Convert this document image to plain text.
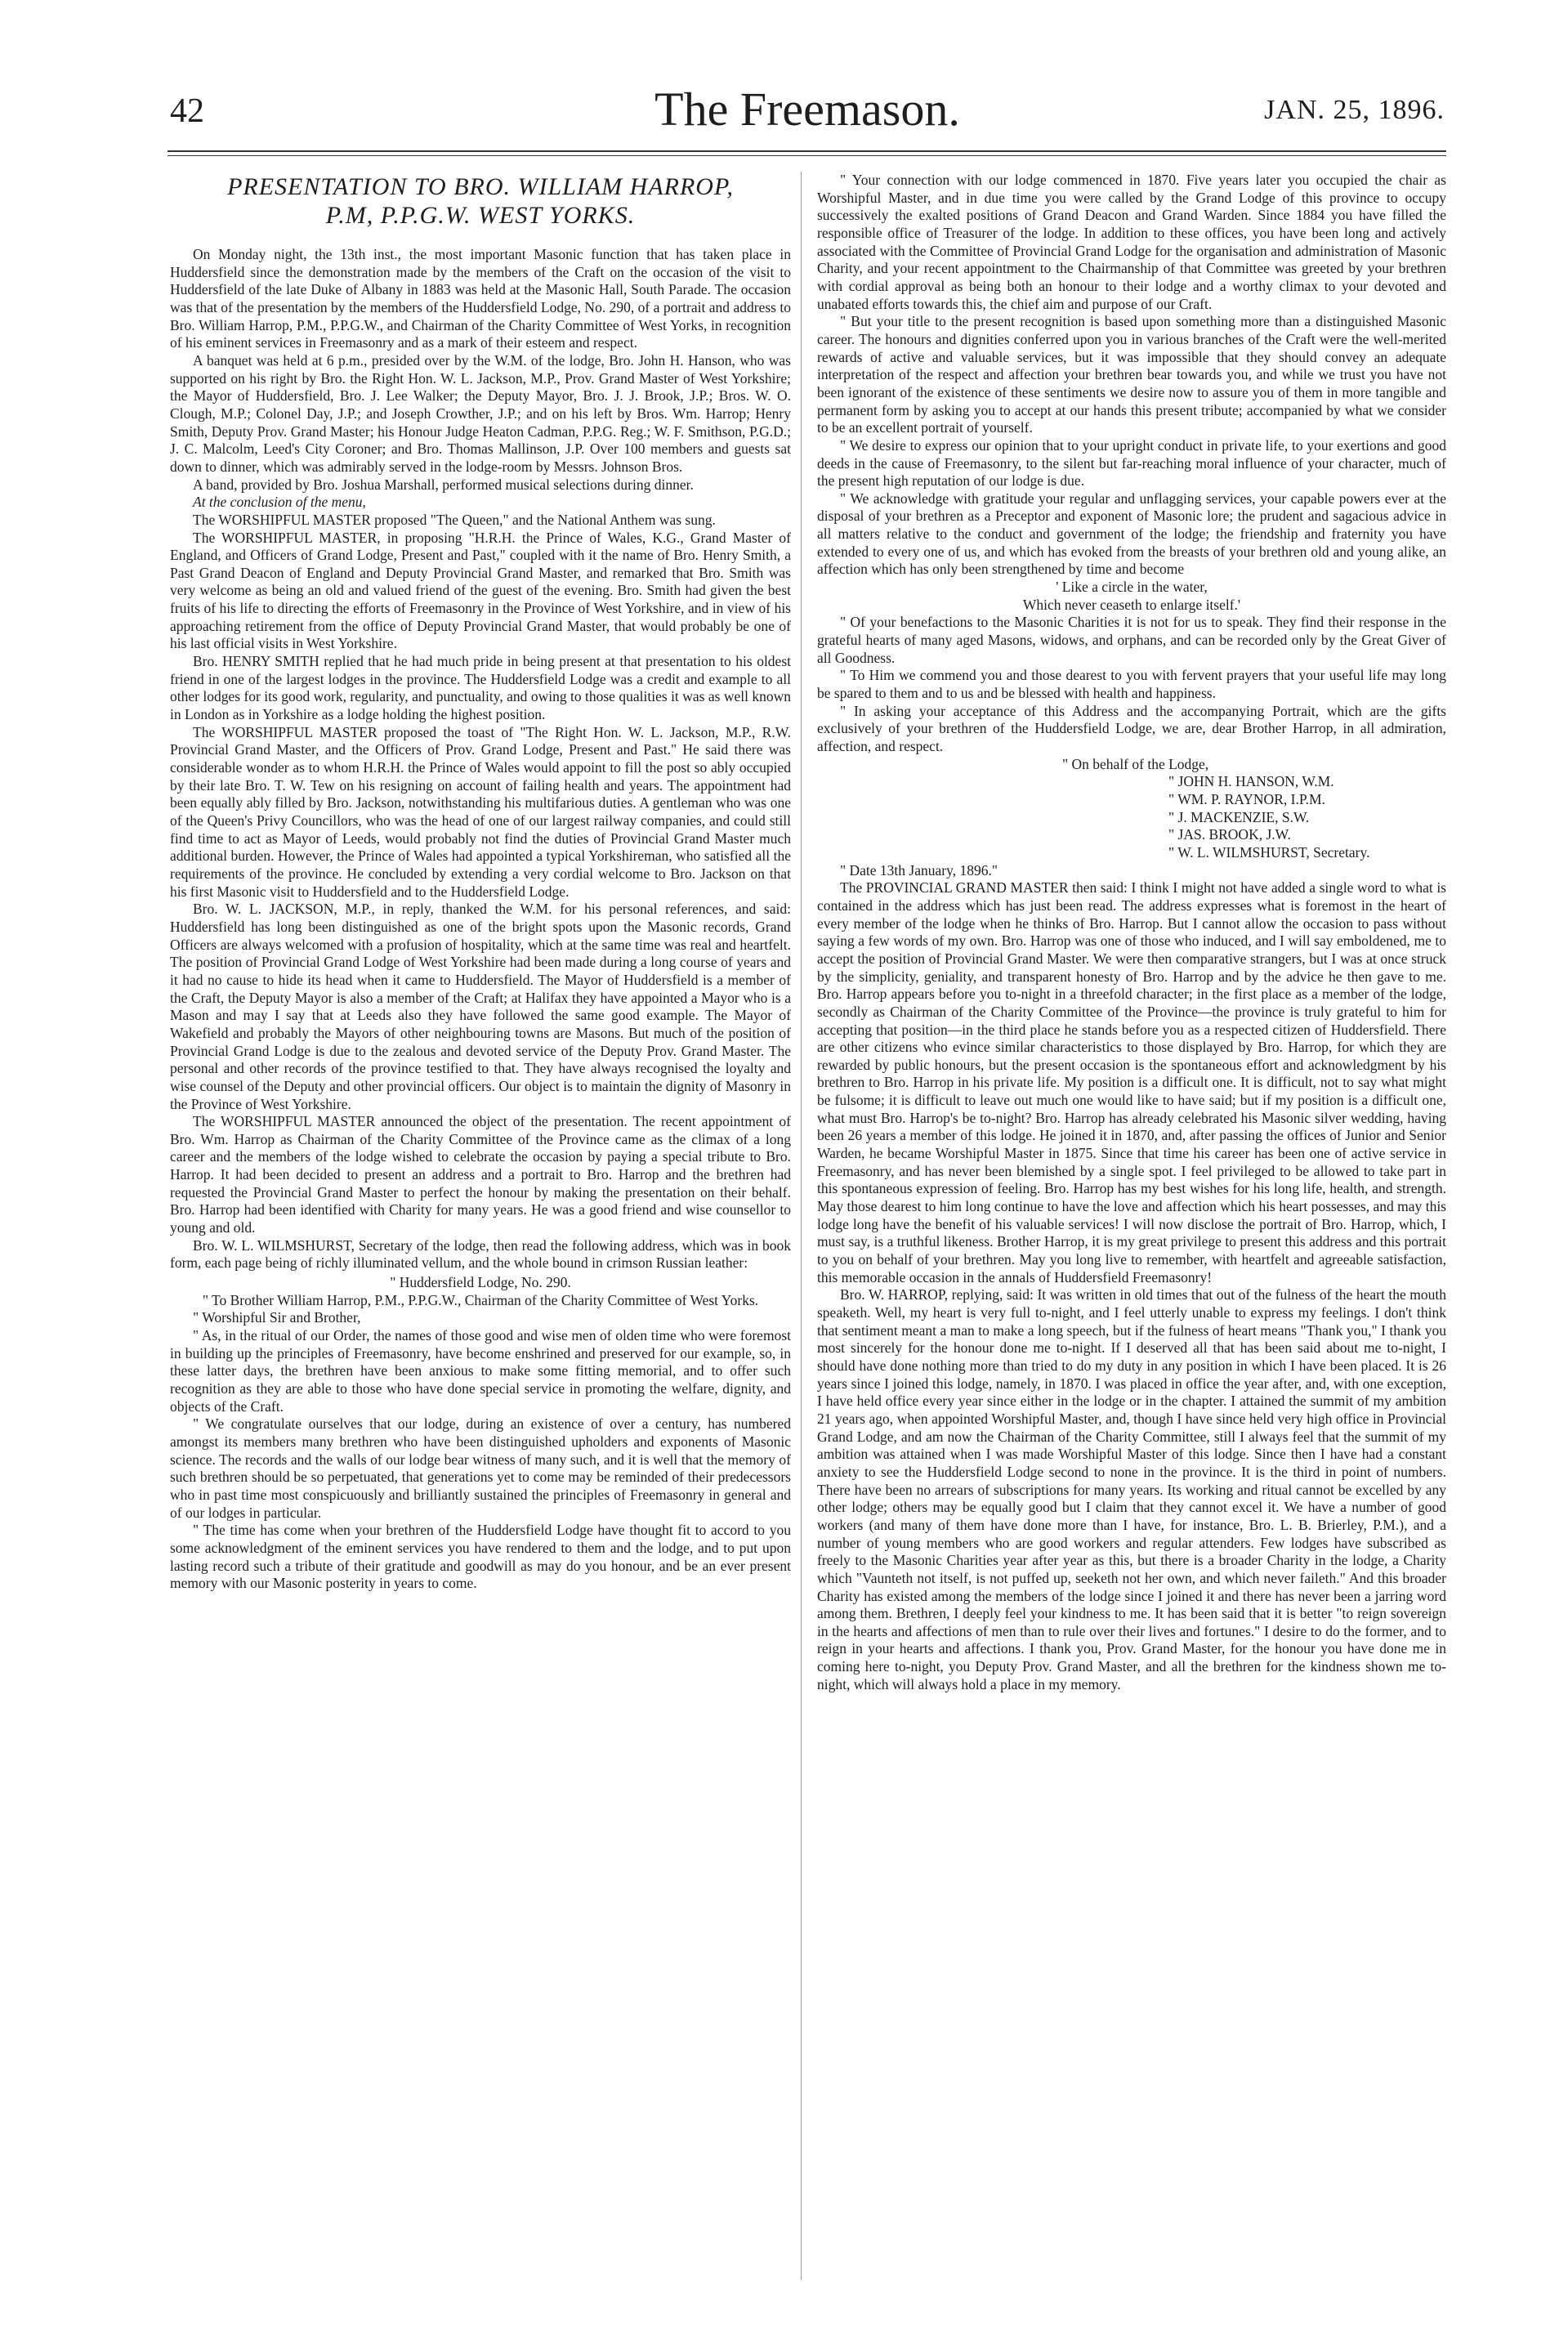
42	The Freemason.	JAN. 25, 1896.
PRESENTATION TO BRO. WILLIAM HARROP,
P.M, P.P.G.W. WEST YORKS.

On Monday night, the 13th inst., the most important Masonic function that has taken place in Huddersfield since the demonstration made by the members of the Craft on the occasion of the visit to Huddersfield of the late Duke of Albany in 1883 was held at the Masonic Hall, South Parade. The occasion was that of the presentation by the members of the Huddersfield Lodge, No. 290, of a portrait and address to Bro. William Harrop, P.M., P.P.G.W., and Chairman of the Charity Committee of West Yorks, in recognition of his eminent services in Freemasonry and as a mark of their esteem and respect.

A banquet was held at 6 p.m., presided over by the W.M. of the lodge, Bro. John H. Hanson, who was supported on his right by Bro. the Right Hon. W. L. Jackson, M.P., Prov. Grand Master of West Yorkshire; the Mayor of Huddersfield, Bro. J. Lee Walker; the Deputy Mayor, Bro. J. J. Brook, J.P.; Bros. W. O. Clough, M.P.; Colonel Day, J.P.; and Joseph Crowther, J.P.; and on his left by Bros. Wm. Harrop; Henry Smith, Deputy Prov. Grand Master; his Honour Judge Heaton Cadman, P.P.G. Reg.; W. F. Smithson, P.G.D.; J. C. Malcolm, Leed's City Coroner; and Bro. Thomas Mallinson, J.P. Over 100 members and guests sat down to dinner, which was admirably served in the lodge-room by Messrs. Johnson Bros.

A band, provided by Bro. Joshua Marshall, performed musical selections during dinner.

At the conclusion of the menu,

The WORSHIPFUL MASTER proposed "The Queen," and the National Anthem was sung.

The WORSHIPFUL MASTER, in proposing "H.R.H. the Prince of Wales, K.G., Grand Master of England, and Officers of Grand Lodge, Present and Past," coupled with it the name of Bro. Henry Smith, a Past Grand Deacon of England and Deputy Provincial Grand Master, and remarked that Bro. Smith was very welcome as being an old and valued friend of the guest of the evening. Bro. Smith had given the best fruits of his life to directing the efforts of Freemasonry in the Province of West Yorkshire, and in view of his approaching retirement from the office of Deputy Provincial Grand Master, that would probably be one of his last official visits in West Yorkshire.

Bro. HENRY SMITH replied that he had much pride in being present at that presentation to his oldest friend in one of the largest lodges in the province. The Huddersfield Lodge was a credit and example to all other lodges for its good work, regularity, and punctuality, and owing to those qualities it was as well known in London as in Yorkshire as a lodge holding the highest position.

The WORSHIPFUL MASTER proposed the toast of "The Right Hon. W. L. Jackson, M.P., R.W. Provincial Grand Master, and the Officers of Prov. Grand Lodge, Present and Past." He said there was considerable wonder as to whom H.R.H. the Prince of Wales would appoint to fill the post so ably occupied by their late Bro. T. W. Tew on his resigning on account of failing health and years. The appointment had been equally ably filled by Bro. Jackson, notwithstanding his multifarious duties. A gentleman who was one of the Queen's Privy Councillors, who was the head of one of our largest railway companies, and could still find time to act as Mayor of Leeds, would probably not find the duties of Provincial Grand Master much additional burden. However, the Prince of Wales had appointed a typical Yorkshireman, who satisfied all the requirements of the province. He concluded by extending a very cordial welcome to Bro. Jackson on that his first Masonic visit to Huddersfield and to the Huddersfield Lodge.

Bro. W. L. JACKSON, M.P., in reply, thanked the W.M. for his personal references, and said: Huddersfield has long been distinguished as one of the bright spots upon the Masonic records, Grand Officers are always welcomed with a profusion of hospitality, which at the same time was real and heartfelt. The position of Provincial Grand Lodge of West Yorkshire had been made during a long course of years and it had no cause to hide its head when it came to Huddersfield. The Mayor of Huddersfield is a member of the Craft, the Deputy Mayor is also a member of the Craft; at Halifax they have appointed a Mayor who is a Mason and may I say that at Leeds also they have followed the same good example. The Mayor of Wakefield and probably the Mayors of other neighbouring towns are Masons. But much of the position of Provincial Grand Lodge is due to the zealous and devoted service of the Deputy Prov. Grand Master. The personal and other records of the province testified to that. They have always recognised the loyalty and wise counsel of the Deputy and other provincial officers. Our object is to maintain the dignity of Masonry in the Province of West Yorkshire.

The WORSHIPFUL MASTER announced the object of the presentation. The recent appointment of Bro. Wm. Harrop as Chairman of the Charity Committee of the Province came as the climax of a long career and the members of the lodge wished to celebrate the occasion by paying a special tribute to Bro. Harrop. It had been decided to present an address and a portrait to Bro. Harrop and the brethren had requested the Provincial Grand Master to perfect the honour by making the presentation on their behalf. Bro. Harrop had been identified with Charity for many years. He was a good friend and wise counsellor to young and old.

Bro. W. L. WILMSHURST, Secretary of the lodge, then read the following address, which was in book form, each page being of richly illuminated vellum, and the whole bound in crimson Russian leather:

" Huddersfield Lodge, No. 290.

" To Brother William Harrop, P.M., P.P.G.W., Chairman of the Charity Committee of West Yorks.

" Worshipful Sir and Brother,

" As, in the ritual of our Order, the names of those good and wise men of olden time who were foremost in building up the principles of Freemasonry, have become enshrined and preserved for our example, so, in these latter days, the brethren have been anxious to make some fitting memorial, and to offer such recognition as they are able to those who have done special service in promoting the welfare, dignity, and objects of the Craft.

" We congratulate ourselves that our lodge, during an existence of over a century, has numbered amongst its members many brethren who have been distinguished upholders and exponents of Masonic science. The records and the walls of our lodge bear witness of many such, and it is well that the memory of such brethren should be so perpetuated, that generations yet to come may be reminded of their predecessors who in past time most conspicuously and brilliantly sustained the principles of Freemasonry in general and of our lodges in particular.

" The time has come when your brethren of the Huddersfield Lodge have thought fit to accord to you some acknowledgment of the eminent services you have rendered to them and the lodge, and to put upon lasting record such a tribute of their gratitude and goodwill as may do you honour, and be an ever present memory with our Masonic posterity in years to come.

" Your connection with our lodge commenced in 1870. Five years later you occupied the chair as Worshipful Master, and in due time you were called by the Grand Lodge of this province to occupy successively the exalted positions of Grand Deacon and Grand Warden. Since 1884 you have filled the responsible office of Treasurer of the lodge. In addition to these offices, you have been long and actively associated with the Committee of Provincial Grand Lodge for the organisation and administration of Masonic Charity, and your recent appointment to the Chairmanship of that Committee was greeted by your brethren with cordial approval as being both an honour to their lodge and a worthy climax to your devoted and unabated efforts towards this, the chief aim and purpose of our Craft.

" But your title to the present recognition is based upon something more than a distinguished Masonic career. The honours and dignities conferred upon you in various branches of the Craft were the well-merited rewards of active and valuable services, but it was impossible that they should convey an adequate interpretation of the respect and affection your brethren bear towards you, and while we trust you have not been ignorant of the existence of these sentiments we desire now to assure you of them in more tangible and permanent form by asking you to accept at our hands this present tribute; accompanied by what we consider to be an excellent portrait of yourself.

" We desire to express our opinion that to your upright conduct in private life, to your exertions and good deeds in the cause of Freemasonry, to the silent but far-reaching moral influence of your character, much of the present high reputation of our lodge is due.

" We acknowledge with gratitude your regular and unflagging services, your capable powers ever at the disposal of your brethren as a Preceptor and exponent of Masonic lore; the prudent and sagacious advice in all matters relative to the conduct and government of the lodge; the friendship and fraternity you have extended to every one of us, and which has evoked from the breasts of your brethren old and young alike, an affection which has only been strengthened by time and become

' Like a circle in the water,

Which never ceaseth to enlarge itself.'

" Of your benefactions to the Masonic Charities it is not for us to speak. They find their response in the grateful hearts of many aged Masons, widows, and orphans, and can be recorded only by the Great Giver of all Goodness.

" To Him we commend you and those dearest to you with fervent prayers that your useful life may long be spared to them and to us and be blessed with health and happiness.

" In asking your acceptance of this Address and the accompanying Portrait, which are the gifts exclusively of your brethren of the Huddersfield Lodge, we are, dear Brother Harrop, in all admiration, affection, and respect.

" On behalf of the Lodge,

" JOHN H. HANSON, W.M.

" WM. P. RAYNOR, I.P.M.

" J. MACKENZIE, S.W.

" JAS. BROOK, J.W.

" W. L. WILMSHURST, Secretary.

" Date 13th January, 1896."

The PROVINCIAL GRAND MASTER then said: I think I might not have added a single word to what is contained in the address which has just been read. The address expresses what is foremost in the heart of every member of the lodge when he thinks of Bro. Harrop. But I cannot allow the occasion to pass without saying a few words of my own. Bro. Harrop was one of those who induced, and I will say emboldened, me to accept the position of Provincial Grand Master. We were then comparative strangers, but I was at once struck by the simplicity, geniality, and transparent honesty of Bro. Harrop and by the advice he then gave to me. Bro. Harrop appears before you to-night in a threefold character; in the first place as a member of the lodge, secondly as Chairman of the Charity Committee of the Province—the province is truly grateful to him for accepting that position—in the third place he stands before you as a respected citizen of Huddersfield. There are other citizens who evince similar characteristics to those displayed by Bro. Harrop, for which they are rewarded by public honours, but the present occasion is the spontaneous effort and acknowledgment by his brethren to Bro. Harrop in his private life. My position is a difficult one. It is difficult, not to say what might be fulsome; it is difficult to leave out much one would like to have said; but if my position is a difficult one, what must Bro. Harrop's be to-night? Bro. Harrop has already celebrated his Masonic silver wedding, having been 26 years a member of this lodge. He joined it in 1870, and, after passing the offices of Junior and Senior Warden, he became Worshipful Master in 1875. Since that time his career has been one of active service in Freemasonry, and has never been blemished by a single spot. I feel privileged to be allowed to take part in this spontaneous expression of feeling. Bro. Harrop has my best wishes for his long life, health, and strength. May those dearest to him long continue to have the love and affection which his heart possesses, and may this lodge long have the benefit of his valuable services! I will now disclose the portrait of Bro. Harrop, which, I must say, is a truthful likeness. Brother Harrop, it is my great privilege to present this address and this portrait to you on behalf of your brethren. May you long live to remember, with heartfelt and agreeable satisfaction, this memorable occasion in the annals of Huddersfield Freemasonry!

Bro. W. HARROP, replying, said: It was written in old times that out of the fulness of the heart the mouth speaketh. Well, my heart is very full to-night, and I feel utterly unable to express my feelings. I don't think that sentiment meant a man to make a long speech, but if the fulness of heart means "Thank you," I thank you most sincerely for the honour done me to-night. If I deserved all that has been said about me to-night, I should have done nothing more than tried to do my duty in any position in which I have been placed. It is 26 years since I joined this lodge, namely, in 1870. I was placed in office the year after, and, with one exception, I have held office every year since either in the lodge or in the chapter. I attained the summit of my ambition 21 years ago, when appointed Worshipful Master, and, though I have since held very high office in Provincial Grand Lodge, and am now the Chairman of the Charity Committee, still I always feel that the summit of my ambition was attained when I was made Worshipful Master of this lodge. Since then I have had a constant anxiety to see the Huddersfield Lodge second to none in the province. It is the third in point of numbers. There have been no arrears of subscriptions for many years. Its working and ritual cannot be excelled by any other lodge; others may be equally good but I claim that they cannot excel it. We have a number of good workers (and many of them have done more than I have, for instance, Bro. L. B. Brierley, P.M.), and a number of young members who are good workers and regular attenders. Few lodges have subscribed as freely to the Masonic Charities year after year as this, but there is a broader Charity in the lodge, a Charity which "Vaunteth not itself, is not puffed up, seeketh not her own, and which never faileth." And this broader Charity has existed among the members of the lodge since I joined it and there has never been a jarring word among them. Brethren, I deeply feel your kindness to me. It has been said that it is better "to reign sovereign in the hearts and affections of men than to rule over their lives and fortunes." I desire to do the former, and to reign in your hearts and affections. I thank you, Prov. Grand Master, for the honour you have done me in coming here to-night, you Deputy Prov. Grand Master, and all the brethren for the kindness shown me to-night, which will always hold a place in my memory.
